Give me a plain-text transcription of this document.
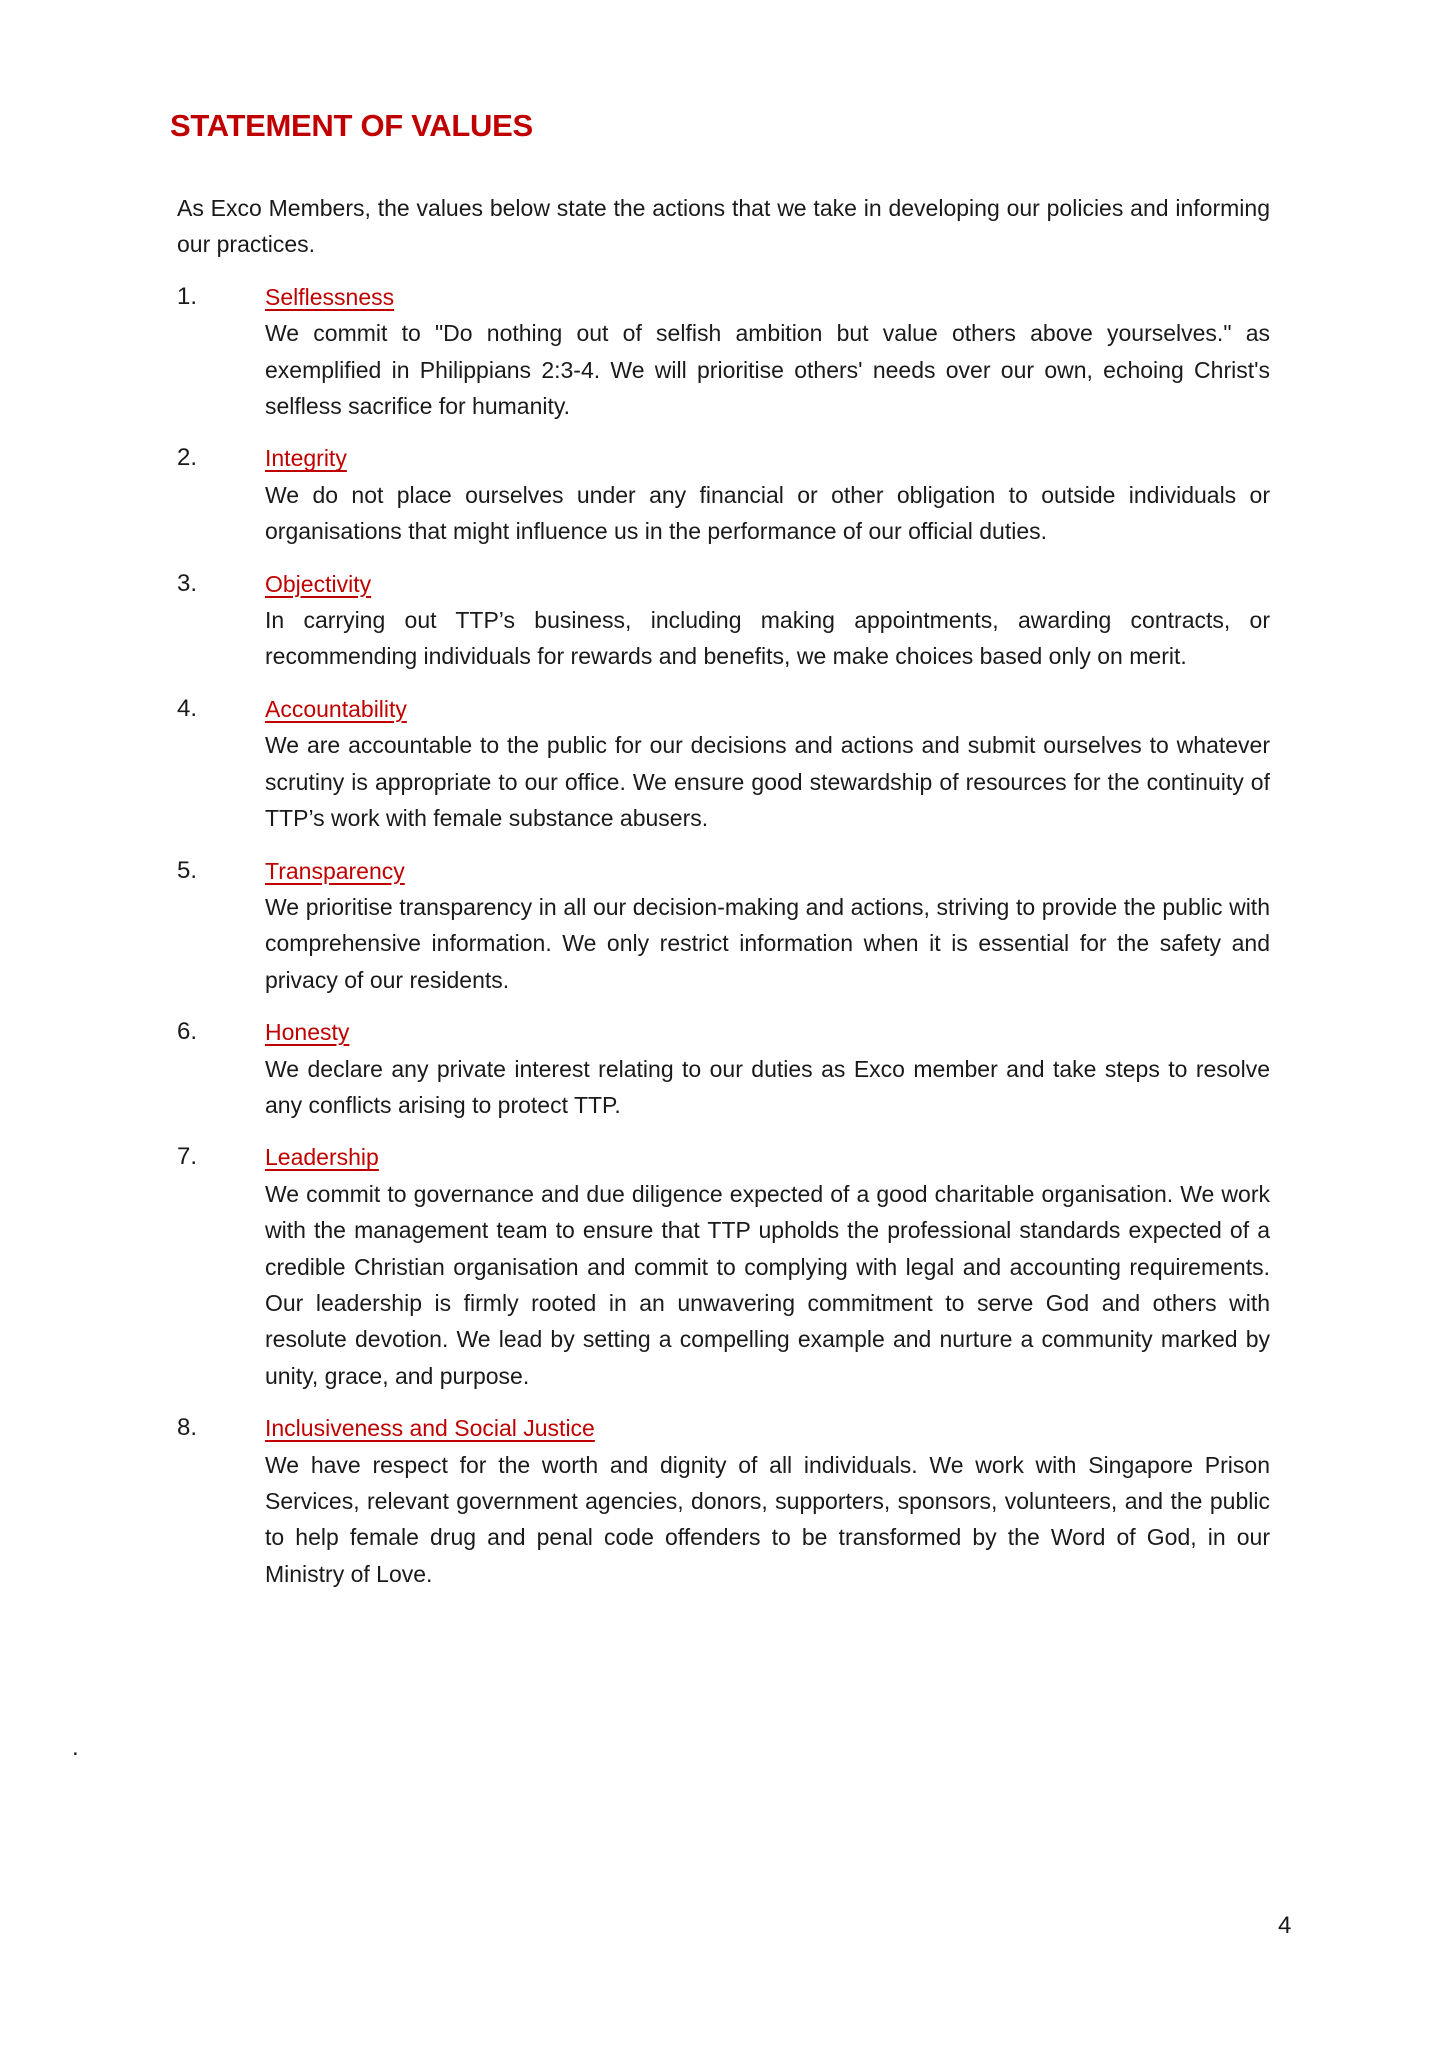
STATEMENT OF VALUES

As Exco Members, the values below state the actions that we take in developing our policies and informing our practices.

1.	Selflessness
We commit to "Do nothing out of selfish ambition but value others above yourselves." as exemplified in Philippians 2:3-4. We will prioritise others' needs over our own, echoing Christ's selfless sacrifice for humanity.
2.	Integrity
We do not place ourselves under any financial or other obligation to outside individuals or organisations that might influence us in the performance of our official duties.
3.	Objectivity
In carrying out TTP’s business, including making appointments, awarding contracts, or recommending individuals for rewards and benefits, we make choices based only on merit.
4.	Accountability
We are accountable to the public for our decisions and actions and submit ourselves to whatever scrutiny is appropriate to our office. We ensure good stewardship of resources for the continuity of TTP’s work with female substance abusers.
5.	Transparency
We prioritise transparency in all our decision-making and actions, striving to provide the public with comprehensive information. We only restrict information when it is essential for the safety and privacy of our residents.
6.	Honesty
We declare any private interest relating to our duties as Exco member and take steps to resolve any conflicts arising to protect TTP.
7.	Leadership
We commit to governance and due diligence expected of a good charitable organisation. We work with the management team to ensure that TTP upholds the professional standards expected of a credible Christian organisation and commit to complying with legal and accounting requirements. Our leadership is firmly rooted in an unwavering commitment to serve God and others with resolute devotion. We lead by setting a compelling example and nurture a community marked by unity, grace, and purpose.
8.	Inclusiveness and Social Justice
We have respect for the worth and dignity of all individuals. We work with Singapore Prison Services, relevant government agencies, donors, supporters, sponsors, volunteers, and the public to help female drug and penal code offenders to be transformed by the Word of God, in our Ministry of Love.
.
4
